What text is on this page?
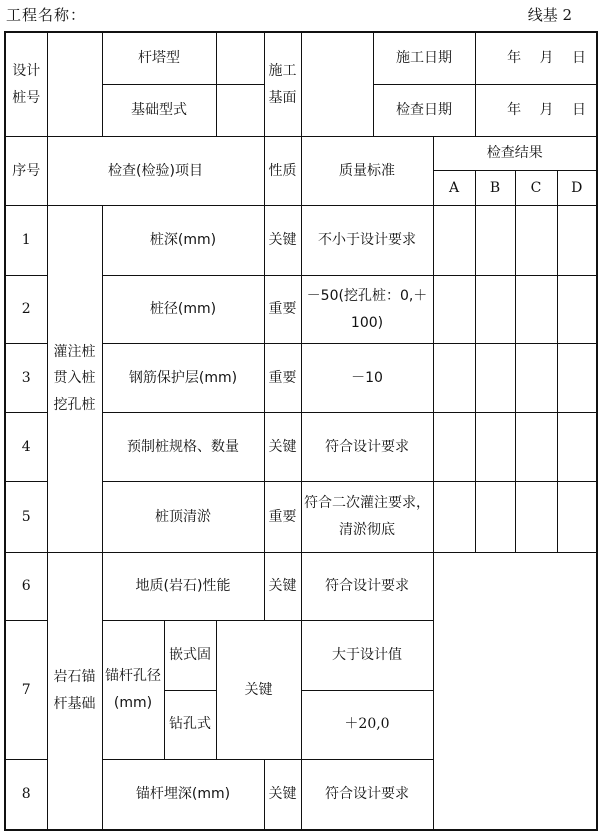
工程名称：	线基 2
设计桩号		杆塔型			施工基面		施工日期		年 月 日		
		基础型式					检查日期		年 月 日		
序号	检查(检验)项目				性质	质量标准		检查结果			
								A	B	C	D
1	灌注桩贯入桩挖孔桩	桩深(mm)			关键	不小于设计要求					
2		桩径(mm)			重要	－50(挖孔桩：0,＋100)					
3		钢筋保护层(mm)			重要	－10					
4		预制桩规格、数量			关键	符合设计要求					
5		桩顶清淤			重要	符合二次灌注要求，清淤彻底					
6	岩石锚杆基础	地质(岩石)性能			关键	符合设计要求					
7		锚杆孔径(mm)	嵌式固	关键		大于设计值					
			钻孔式			＋20,0					
8		锚杆埋深(mm)			关键	符合设计要求					
